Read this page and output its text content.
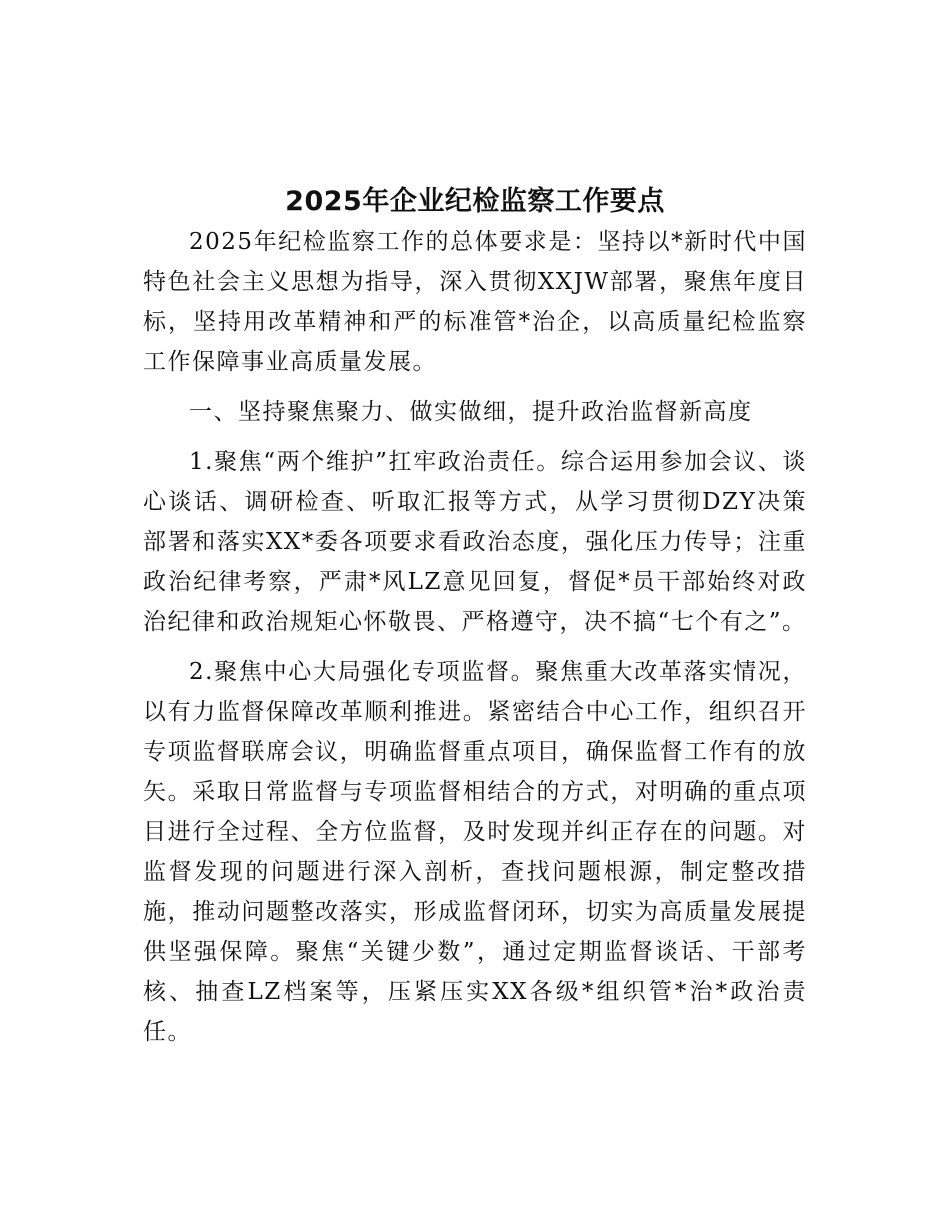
2025年企业纪检监察工作要点

2025年纪检监察工作的总体要求是：坚持以*新时代中国特色社会主义思想为指导，深入贯彻XXJW部署，聚焦年度目标，坚持用改革精神和严的标准管*治企，以高质量纪检监察工作保障事业高质量发展。

一、坚持聚焦聚力、做实做细，提升政治监督新高度

1.聚焦“两个维护”扛牢政治责任。综合运用参加会议、谈心谈话、调研检查、听取汇报等方式，从学习贯彻DZY决策部署和落实XX*委各项要求看政治态度，强化压力传导；注重政治纪律考察，严肃*风LZ意见回复，督促*员干部始终对政治纪律和政治规矩心怀敬畏、严格遵守，决不搞“七个有之”。

2.聚焦中心大局强化专项监督。聚焦重大改革落实情况，以有力监督保障改革顺利推进。紧密结合中心工作，组织召开专项监督联席会议，明确监督重点项目，确保监督工作有的放矢。采取日常监督与专项监督相结合的方式，对明确的重点项目进行全过程、全方位监督，及时发现并纠正存在的问题。对监督发现的问题进行深入剖析，查找问题根源，制定整改措施，推动问题整改落实，形成监督闭环，切实为高质量发展提供坚强保障。聚焦“关键少数”，通过定期监督谈话、干部考核、抽查LZ档案等，压紧压实XX各级*组织管*治*政治责任。
